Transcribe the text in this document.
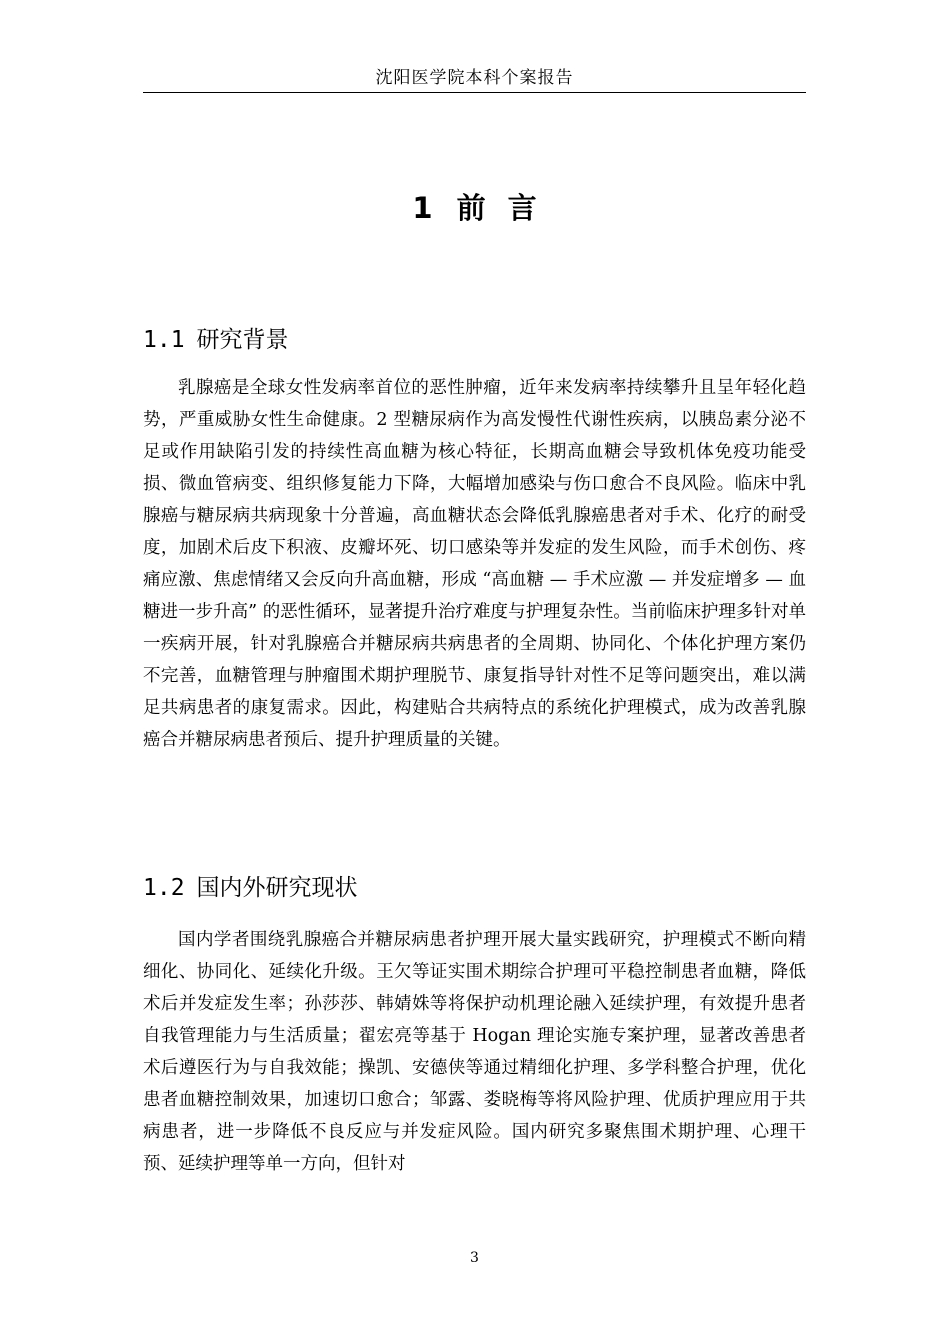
沈阳医学院本科个案报告
1 前 言
1.1 研究背景

乳腺癌是全球女性发病率首位的恶性肿瘤，近年来发病率持续攀升且呈年轻化趋势，严重威胁女性生命健康。2 型糖尿病作为高发慢性代谢性疾病，以胰岛素分泌不足或作用缺陷引发的持续性高血糖为核心特征，长期高血糖会导致机体免疫功能受损、微血管病变、组织修复能力下降，大幅增加感染与伤口愈合不良风险。临床中乳腺癌与糖尿病共病现象十分普遍，高血糖状态会降低乳腺癌患者对手术、化疗的耐受度，加剧术后皮下积液、皮瓣坏死、切口感染等并发症的发生风险，而手术创伤、疼痛应激、焦虑情绪又会反向升高血糖，形成 “高血糖 — 手术应激 — 并发症增多 — 血糖进一步升高” 的恶性循环，显著提升治疗难度与护理复杂性。当前临床护理多针对单一疾病开展，针对乳腺癌合并糖尿病共病患者的全周期、协同化、个体化护理方案仍不完善，血糖管理与肿瘤围术期护理脱节、康复指导针对性不足等问题突出，难以满足共病患者的康复需求。因此，构建贴合共病特点的系统化护理模式，成为改善乳腺癌合并糖尿病患者预后、提升护理质量的关键。

1.2 国内外研究现状

国内学者围绕乳腺癌合并糖尿病患者护理开展大量实践研究，护理模式不断向精细化、协同化、延续化升级。王欠等证实围术期综合护理可平稳控制患者血糖，降低术后并发症发生率；孙莎莎、韩婧姝等将保护动机理论融入延续护理，有效提升患者自我管理能力与生活质量；翟宏亮等基于 Hogan 理论实施专案护理，显著改善患者术后遵医行为与自我效能；操凯、安德侠等通过精细化护理、多学科整合护理，优化患者血糖控制效果，加速切口愈合；邹露、娄晓梅等将风险护理、优质护理应用于共病患者，进一步降低不良反应与并发症风险。国内研究多聚焦围术期护理、心理干预、延续护理等单一方向，但针对

3
